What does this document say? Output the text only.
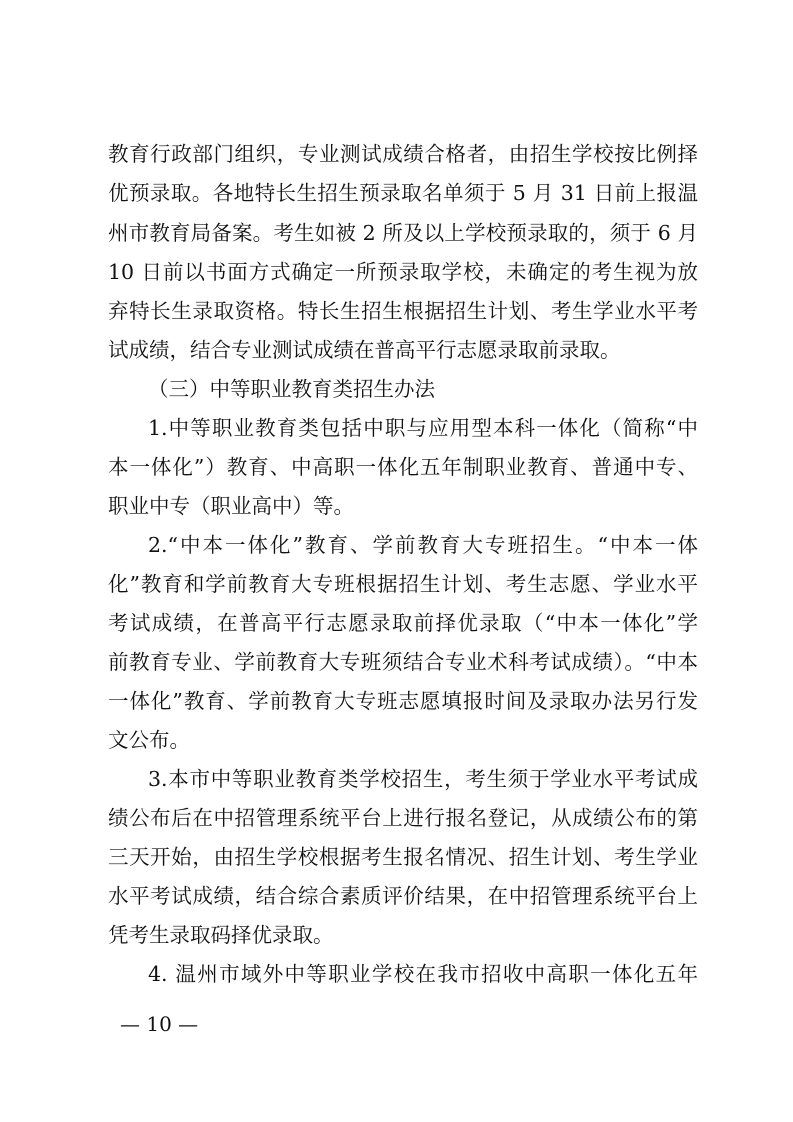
教育行政部门组织，专业测试成绩合格者，由招生学校按比例择
优预录取。各地特长生招生预录取名单须于 5 月 31 日前上报温
州市教育局备案。考生如被 2 所及以上学校预录取的，须于 6 月
10 日前以书面方式确定一所预录取学校，未确定的考生视为放
弃特长生录取资格。特长生招生根据招生计划、考生学业水平考
试成绩，结合专业测试成绩在普高平行志愿录取前录取。
（三）中等职业教育类招生办法
1.中等职业教育类包括中职与应用型本科一体化（简称“中
本一体化”）教育、中高职一体化五年制职业教育、普通中专、
职业中专（职业高中）等。
2.“中本一体化”教育、学前教育大专班招生。“中本一体
化”教育和学前教育大专班根据招生计划、考生志愿、学业水平
考试成绩，在普高平行志愿录取前择优录取（“中本一体化”学
前教育专业、学前教育大专班须结合专业术科考试成绩）。“中本
一体化”教育、学前教育大专班志愿填报时间及录取办法另行发
文公布。
3.本市中等职业教育类学校招生，考生须于学业水平考试成
绩公布后在中招管理系统平台上进行报名登记，从成绩公布的第
三天开始，由招生学校根据考生报名情况、招生计划、考生学业
水平考试成绩，结合综合素质评价结果，在中招管理系统平台上
凭考生录取码择优录取。
4. 温州市域外中等职业学校在我市招收中高职一体化五年
— 10 —
